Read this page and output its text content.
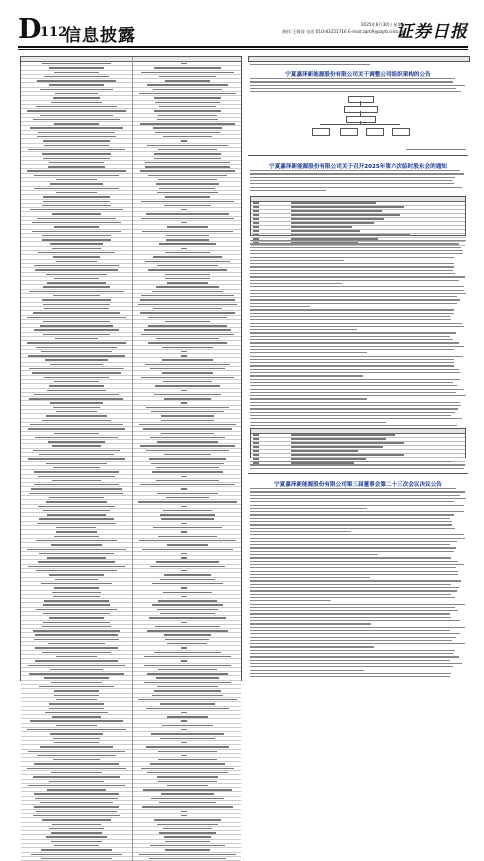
D
112
信息披露
2025年6月30日 星期二
制作:王敬涛 电话:010-83251716 E-mail:zqrb9@zqrb.sina.net
证券日报
宁夏嘉泽新能源股份有限公司关于调整公司组织架构的公告
宁夏嘉泽新能源股份有限公司关于召开2025年第六次临时股东会的通知
宁夏嘉泽新能源股份有限公司第三届董事会第二十三次会议决议公告
